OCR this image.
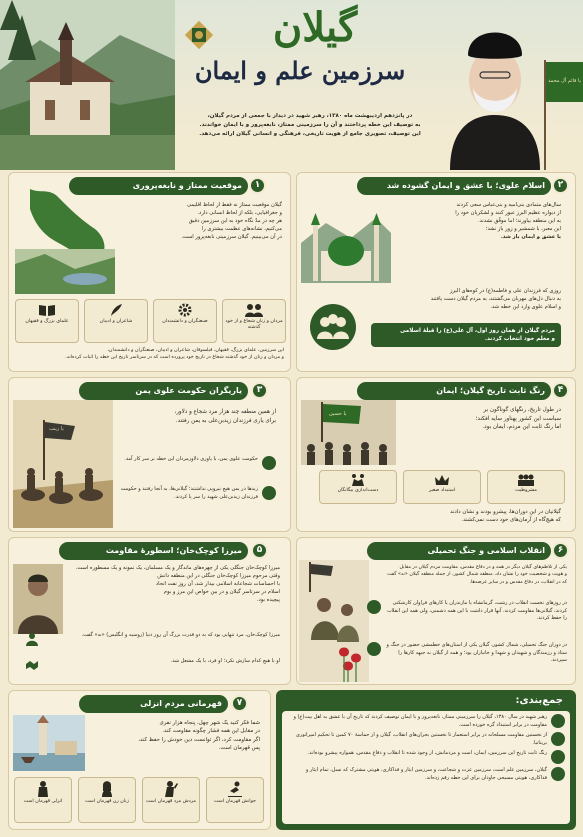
گیلان
سرزمین علم و ایمان
در پانزدهم اردیبهشت ماه ۱۳۸۰، رهبر شهید در دیدار با جمعی از مردم گیلان،
به توصیف این خطه پرداختند و آن را سرزمینی ممتاز، نابغه‌پرور و با ایمان خواندند.
این توصیف، تصویری جامع از هویت تاریخی، فرهنگی و انسانی گیلان ارائه می‌دهد.
یا قائم آل محمد
موقعیت ممتاز و نابغه‌پروری	۱
گیلان موقعیت ممتاز نه فقط از لحاظ اقلیمی
و جغرافیایی، بلکه از لحاظ انسانی دارد.
هر چه در مدّ نگاه خود به این سرزمین دقیق
می‌کنیم، نشانه‌های عظمت بیشتری را
در آن می‌بینیم. گیلان سرزمینی نابغه‌پرور است.
مردان و زنان شجاع و از خود گذشته
صنعتگران و دانشمندان
شاعران و ادیبان
علمای بزرگ و فقیهان
این سرزمین، علمای بزرگ، فقیهان، فیلسوفان، شاعران و ادیبان، صنعتگران و دانشمندان،
و مردان و زنان از خود گذشته شجاع در تاریخ خود پرورده است که در سرتاسر تاریخ این خطه را اثبات کرده‌اند.
اسلام علوی؛ با عشق و ایمان گشوده شد	۲
سال‌های متمادی بنی‌امیه و بنی‌عباس سعی کردند
از دیواره عظیم البرز عبور کنند و لشکریان خود را
به این منطقه بیاورند؛ اما موفّق نشدند.
این معبر، با شمشیر و زور باز نشد؛
با عشق و ایمان باز شد.
روزی که فرزندان علی و فاطمه(ع) در کوه‌های البرز
به دنبال دل‌های مهربان می‌گشتند، به مردم گیلان دست یافتند
و اسلام علوی وارد این خطه شد.
مردم گیلان از همان روز اول، آل علی(ع) را قبلهٔ اسلامی
و معلم خود انتخاب کردند.
یاریگران حکومت علوی یمن	۳
یا زینب
از همین منطقه چند هزار مرد شجاع و دلاور،
برای یاری فرزندان زیدبن‌علی به یمن رفتند.
حکومت علوی یمن، با یاوری دلاورمردان این خطه بر سر کار آمد.
زبدها در یمن هیچ نیرویی نداشتند؛ گیلانی‌ها، به آنجا رفتند و حکومت فرزندان زیدبن‌علی شهید را سر پا کردند.
رنگ ثابت تاریخ گیلان؛ ایمان	۴
در طول تاریخ، رنگهای گوناگون بر
سیاست این کشور پهناور سایه افکند؛
اما رنگ ثابت این مردم، ایمان بود.
یا حسین
مشروطیت
استبداد صغیر
دست‌اندازی بیگانگان
گیلانیان در این دوران‌ها، پیشرو بودند و نشان دادند
که هیچ‌گاه از آرمان‌های خود دست نمی‌کشند.
میرزا کوچک‌خان؛ اسطورهٔ مقاومت	۵
میرزا کوچک‌خان جنگلی یکی از چهره‌های ماندگار و یک مسلمان، یک نمونه و یک مسطوره است.
وقتی مرحوم میرزا کوچک‌خان جنگلی در این منطقه دانش
با احساسات شجاعانه اسلامی بیدار شد، آن روز نفت اتحاد
اسلام در سرتاسر گیلان و در بین خواص این مرز و بوم
پیچیده بود.
میرزا کوچک‌خان، مرد تنهایی بود که به دو قدرت بزرگ آن روز دنیا (روسیه و انگلیس) «نه» گفت.
او با هیچ کدام سازش نکرد؛ او فرد، با یک مشعل شد.
انقلاب اسلامی و جنگ تحمیلی	۶
یکی از تلاطم‌های گیلان دیگر در همه و در دفاع مقدس، مقاومت مردم گیلان در مقابل
و هویت و شخصیت خود را نشان داد، منطقه شمال کشور، از جمله منطقه گیلان «نه» گفت
که در انقلاب، در دفاع مقدس و در سایر عرصه‌ها.
در روزهای نخست انقلاب در رشت، گرمانشاه یا مازندران یا کارهای فراوان کارشکنی کردند، گیلانی‌ها مقاومت کردند. آنها قرار داشت با این همه دشمنی، ولی همه این انقلاب را حفظ کردند.
در دوران جنگ تحمیلی، شمال کشور، گیلان یکی از استان‌های خطمشی حضور در جنگ و ستاد و رزمندگان و شهیدان و شهدا و جانبازان بود؛ و همه از گیلان به جبهه کارها را سپردند.
قهرمانی مردم انزلی	۷
شما فکر کنید یک شهر چهل، پنجاه هزار نفری
در مقابل این همه فشار چگونه مقاومت کند.
اگر مقاومت کرد، اگر توانست دین خودش را حفظ کند،
پس قهرمان است.
انزلی قهرمان است	زنان زن قهرمان است	مردش مرد قهرمان است	جوانش قهرمان است
جمع‌بندی:
رهبر شهید در سال ۱۳۸۰، گیلان را سرزمینی ممتاز، نابغه‌پرور و با ایمان توصیف کردند که تاریخ آن با عشق به اهل بیت(ع) و مقاومت در برابر استبداد گره خورده است.
از نخستین مقاومت مسلحانه در برابر استعمار تا نخستین بحران‌های انقلاب، گیلان و از حماسهٔ ۷۰ کمین تا تحکیم امپراتوری بریتانیا.
رنگ ثابت تاریخ این سرزمین، ایمان، است و مردمانش، از وجود شده تا انقلاب و دفاع مقدس، همواره پیشرو بوده‌اند.
گیلان، سرزمین علم است، سرزمین عزت و شجاعت، و سرزمین ایثار و فداکاری، هویتی مشترک که نسل، تمام ایثار و فداکاری، هویتی مسیحی جاودان برای این خطه رقم زده‌اند.
